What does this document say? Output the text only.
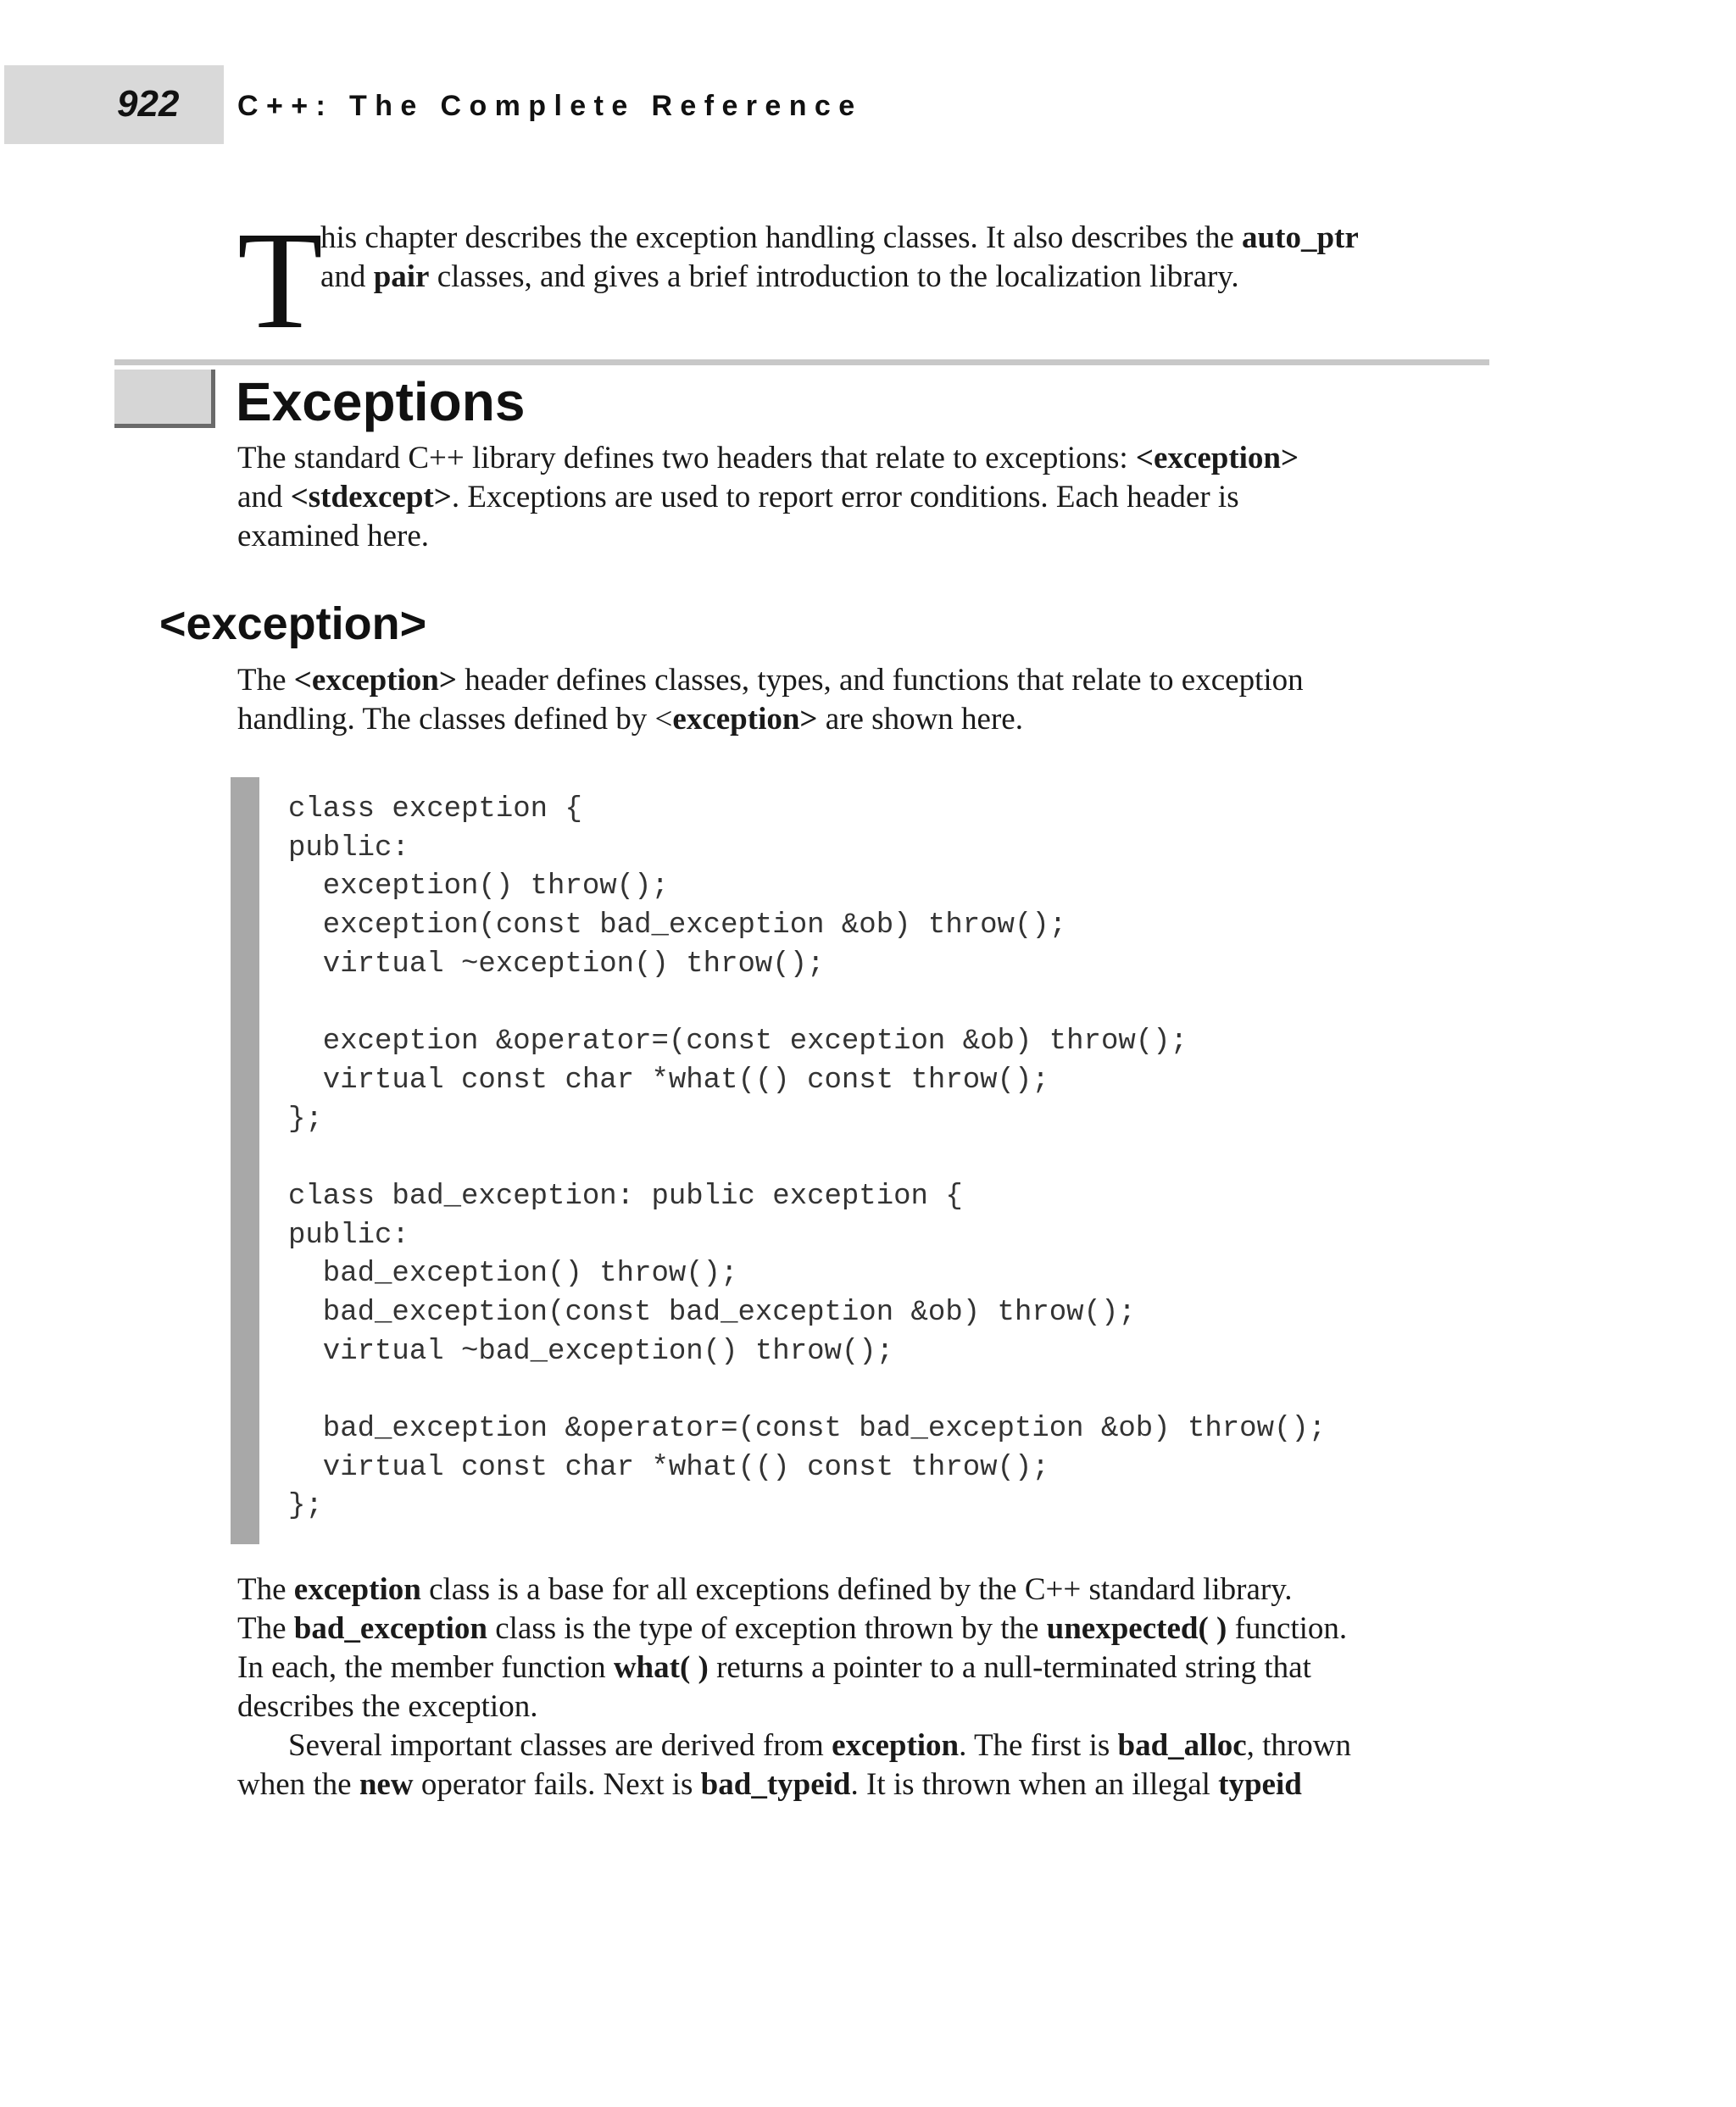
922 C++: The Complete Reference
T
his chapter describes the exception handling classes. It also describes the auto_ptr
and pair classes, and gives a brief introduction to the localization library.
Exceptions

The standard C++ library defines two headers that relate to exceptions: <exception>

and <stdexcept>. Exceptions are used to report error conditions. Each header is

examined here.

<exception>

The <exception> header defines classes, types, and functions that relate to exception

handling. The classes defined by <exception> are shown here.

class exception {
public:
exception() throw();
exception(const bad_exception &ob) throw();
virtual ~exception() throw();
exception &operator=(const exception &ob) throw();
virtual const char *what(() const throw();
};
class bad_exception: public exception {
public:
bad_exception() throw();
bad_exception(const bad_exception &ob) throw();
virtual ~bad_exception() throw();
bad_exception &operator=(const bad_exception &ob) throw();
virtual const char *what(() const throw();
};

The exception class is a base for all exceptions defined by the C++ standard library.

The bad_exception class is the type of exception thrown by the unexpected( ) function.

In each, the member function what( ) returns a pointer to a null-terminated string that

describes the exception.

Several important classes are derived from exception. The first is bad_alloc, thrown

when the new operator fails. Next is bad_typeid. It is thrown when an illegal typeid
